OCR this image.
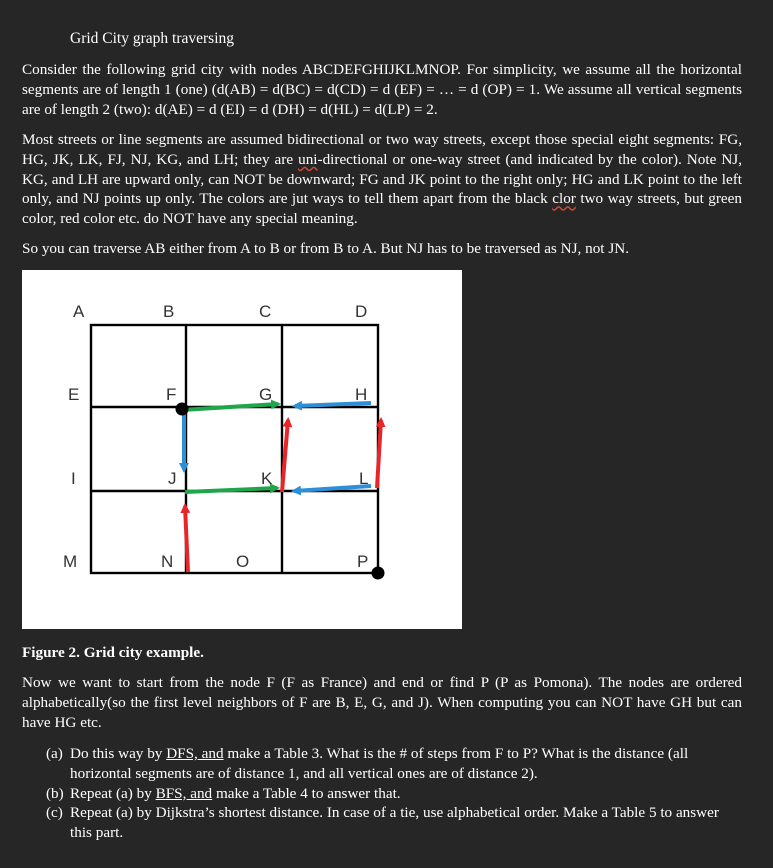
Grid City graph traversing

Consider the following grid city with nodes ABCDEFGHIJKLMNOP. For simplicity, we assume all the horizontal segments are of length 1 (one) (d(AB) = d(BC) = d(CD) = d (EF) = … = d (OP) = 1. We assume all vertical segments are of length 2 (two): d(AE) = d (EI) = d (DH) = d(HL) = d(LP) = 2.

Most streets or line segments are assumed bidirectional or two way streets, except those special eight segments: FG, HG, JK, LK, FJ, NJ, KG, and LH; they are uni-directional or one-way street (and indicated by the color). Note NJ, KG, and LH are upward only, can NOT be downward; FG and JK point to the right only; HG and LK point to the left only, and NJ points up only. The colors are jut ways to tell them apart from the black clor two way streets, but green color, red color etc. do NOT have any special meaning.

So you can traverse AB either from A to B or from B to A. But NJ has to be traversed as NJ, not JN.

A	B	C	D
E	F	G	H
I	J	K	L
M	N	O	P
Figure 2. Grid city example.

Now we want to start from the node F (F as France) and end or find P (P as Pomona). The nodes are ordered alphabetically(so the first level neighbors of F are B, E, G, and J). When computing you can NOT have GH but can have HG etc.

(a) Do this way by DFS, and make a Table 3. What is the # of steps from F to P? What is the distance (all horizontal segments are of distance 1, and all vertical ones are of distance 2).
(b) Repeat (a) by BFS, and make a Table 4 to answer that.
(c) Repeat (a) by Dijkstra’s shortest distance. In case of a tie, use alphabetical order. Make a Table 5 to answer this part.
